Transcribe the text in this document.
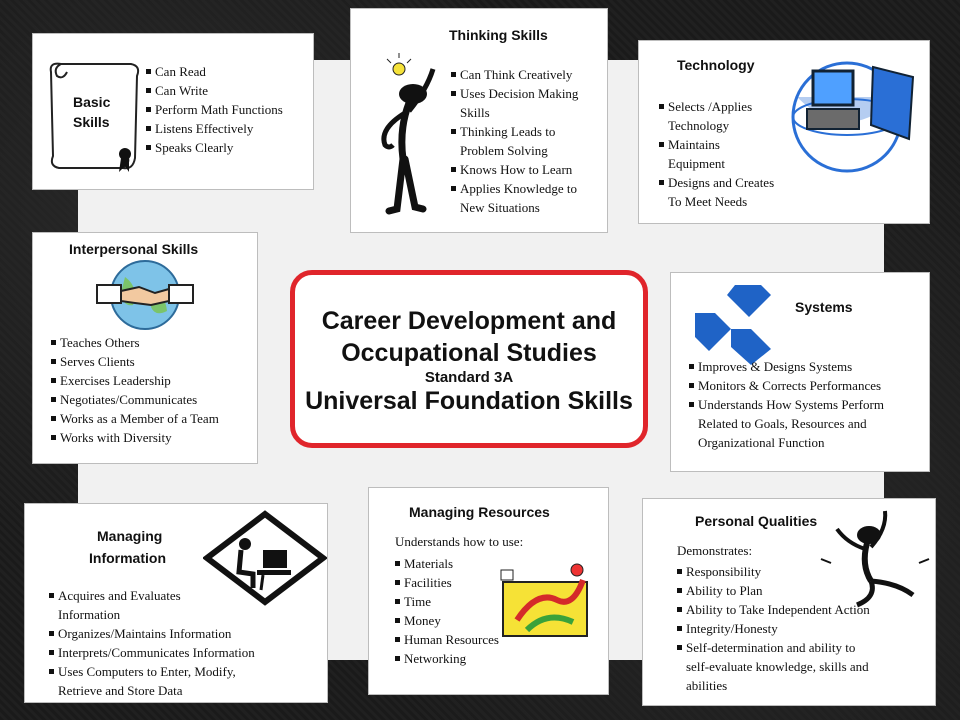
Basic
Skills
Can Read
Can Write
Perform Math Functions
Listens Effectively
Speaks Clearly
Thinking Skills
Can Think Creatively
Uses Decision Making
Skills
Thinking Leads to
Problem Solving
Knows How to Learn
Applies Knowledge to
New Situations
Technology
Selects /Applies
Technology
Maintains
Equipment
Designs and Creates
To Meet Needs
Interpersonal Skills
Teaches Others
Serves Clients
Exercises Leadership
Negotiates/Communicates
Works as a Member of a Team
Works with Diversity
Career Development and
Occupational Studies
Standard 3A
Universal Foundation Skills
Systems
Improves & Designs Systems
Monitors & Corrects Performances
Understands How Systems Perform
Related to Goals, Resources and
Organizational Function
Managing
Information
Acquires and Evaluates
Information
Organizes/Maintains Information
Interprets/Communicates Information
Uses Computers to Enter, Modify,
Retrieve and Store Data
Managing Resources
Understands how to use:
Materials
Facilities
Time
Money
Human Resources
Networking
Personal Qualities
Demonstrates:
Responsibility
Ability to Plan
Ability to Take Independent Action
Integrity/Honesty
Self-determination and ability to
self-evaluate knowledge, skills and
abilities
